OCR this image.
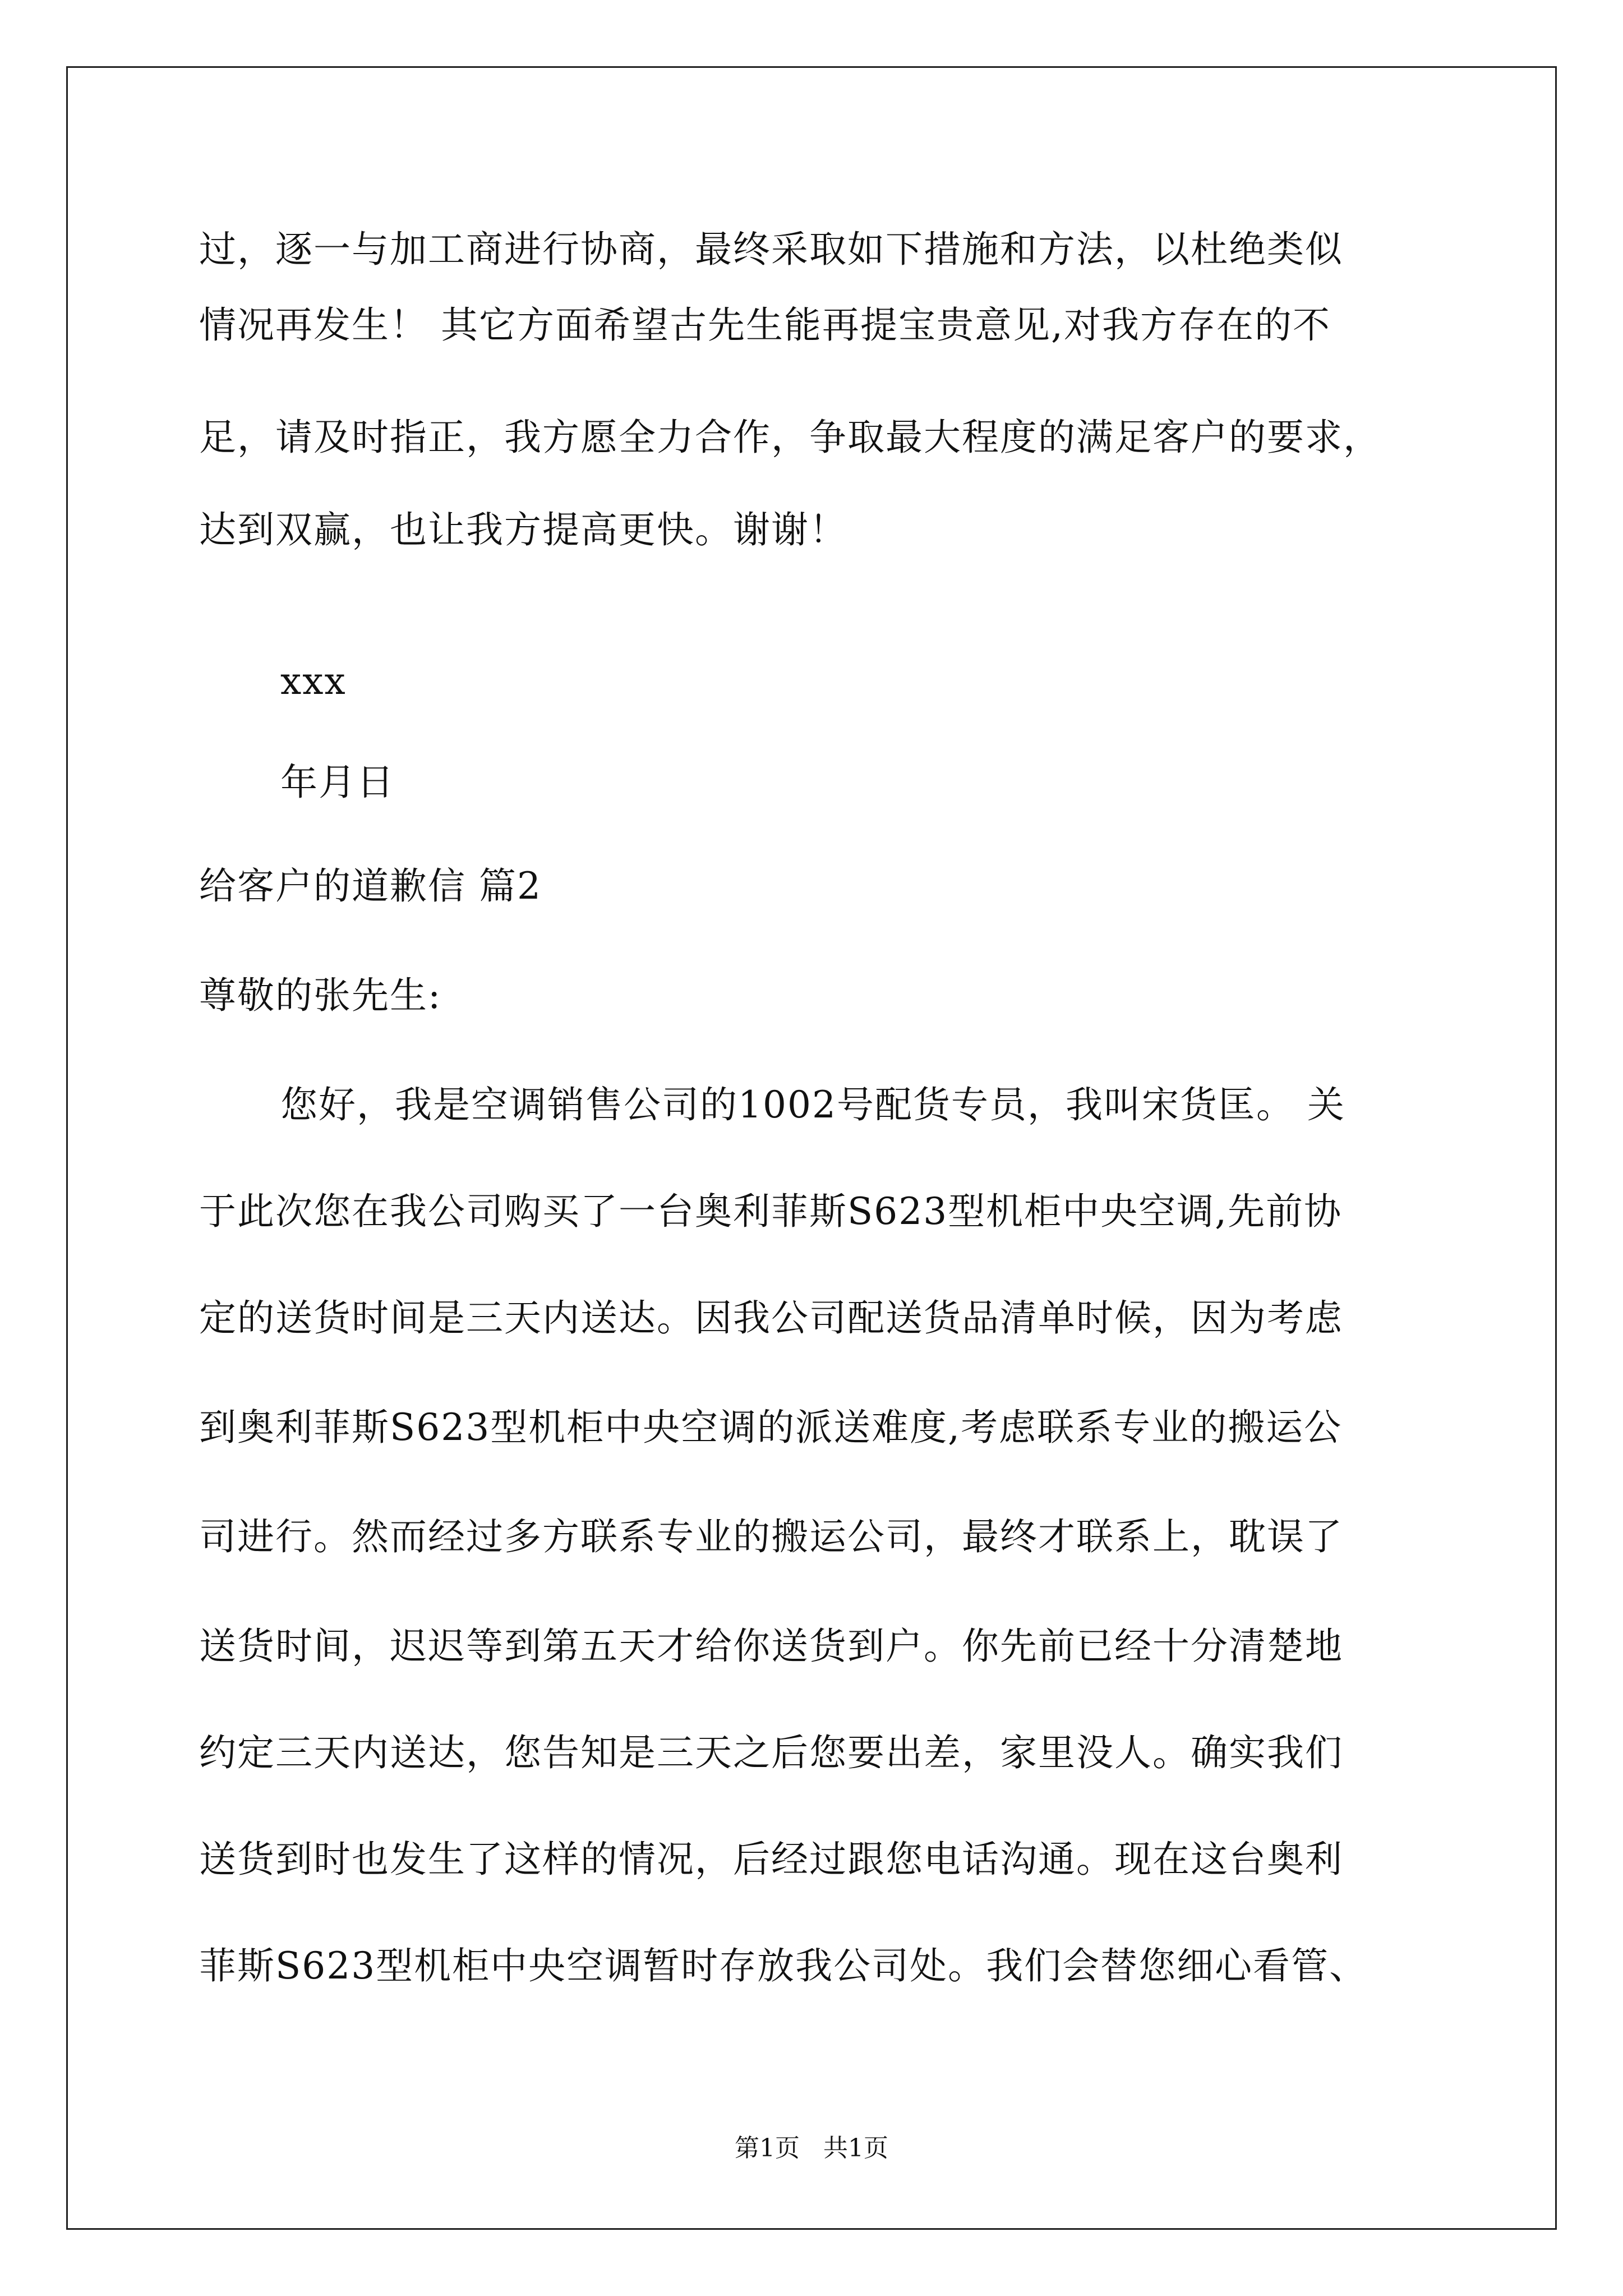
过，逐一与加工商进行协商，最终采取如下措施和方法，以杜绝类似
情况再发生！ 其它方面希望古先生能再提宝贵意见,对我方存在的不
足，请及时指正，我方愿全力合作，争取最大程度的满足客户的要求，
达到双赢，也让我方提高更快。谢谢！
xxx
年月日
给客户的道歉信 篇2
尊敬的张先生:
您好，我是空调销售公司的1002号配货专员，我叫宋货匡。 关
于此次您在我公司购买了一台奥利菲斯S623型机柜中央空调,先前协
定的送货时间是三天内送达。因我公司配送货品清单时候，因为考虑
到奥利菲斯S623型机柜中央空调的派送难度,考虑联系专业的搬运公
司进行。然而经过多方联系专业的搬运公司，最终才联系上，耽误了
送货时间，迟迟等到第五天才给你送货到户。你先前已经十分清楚地
约定三天内送达，您告知是三天之后您要出差，家里没人。确实我们
送货到时也发生了这样的情况，后经过跟您电话沟通。现在这台奥利
菲斯S623型机柜中央空调暂时存放我公司处。我们会替您细心看管、
第1页   共1页
